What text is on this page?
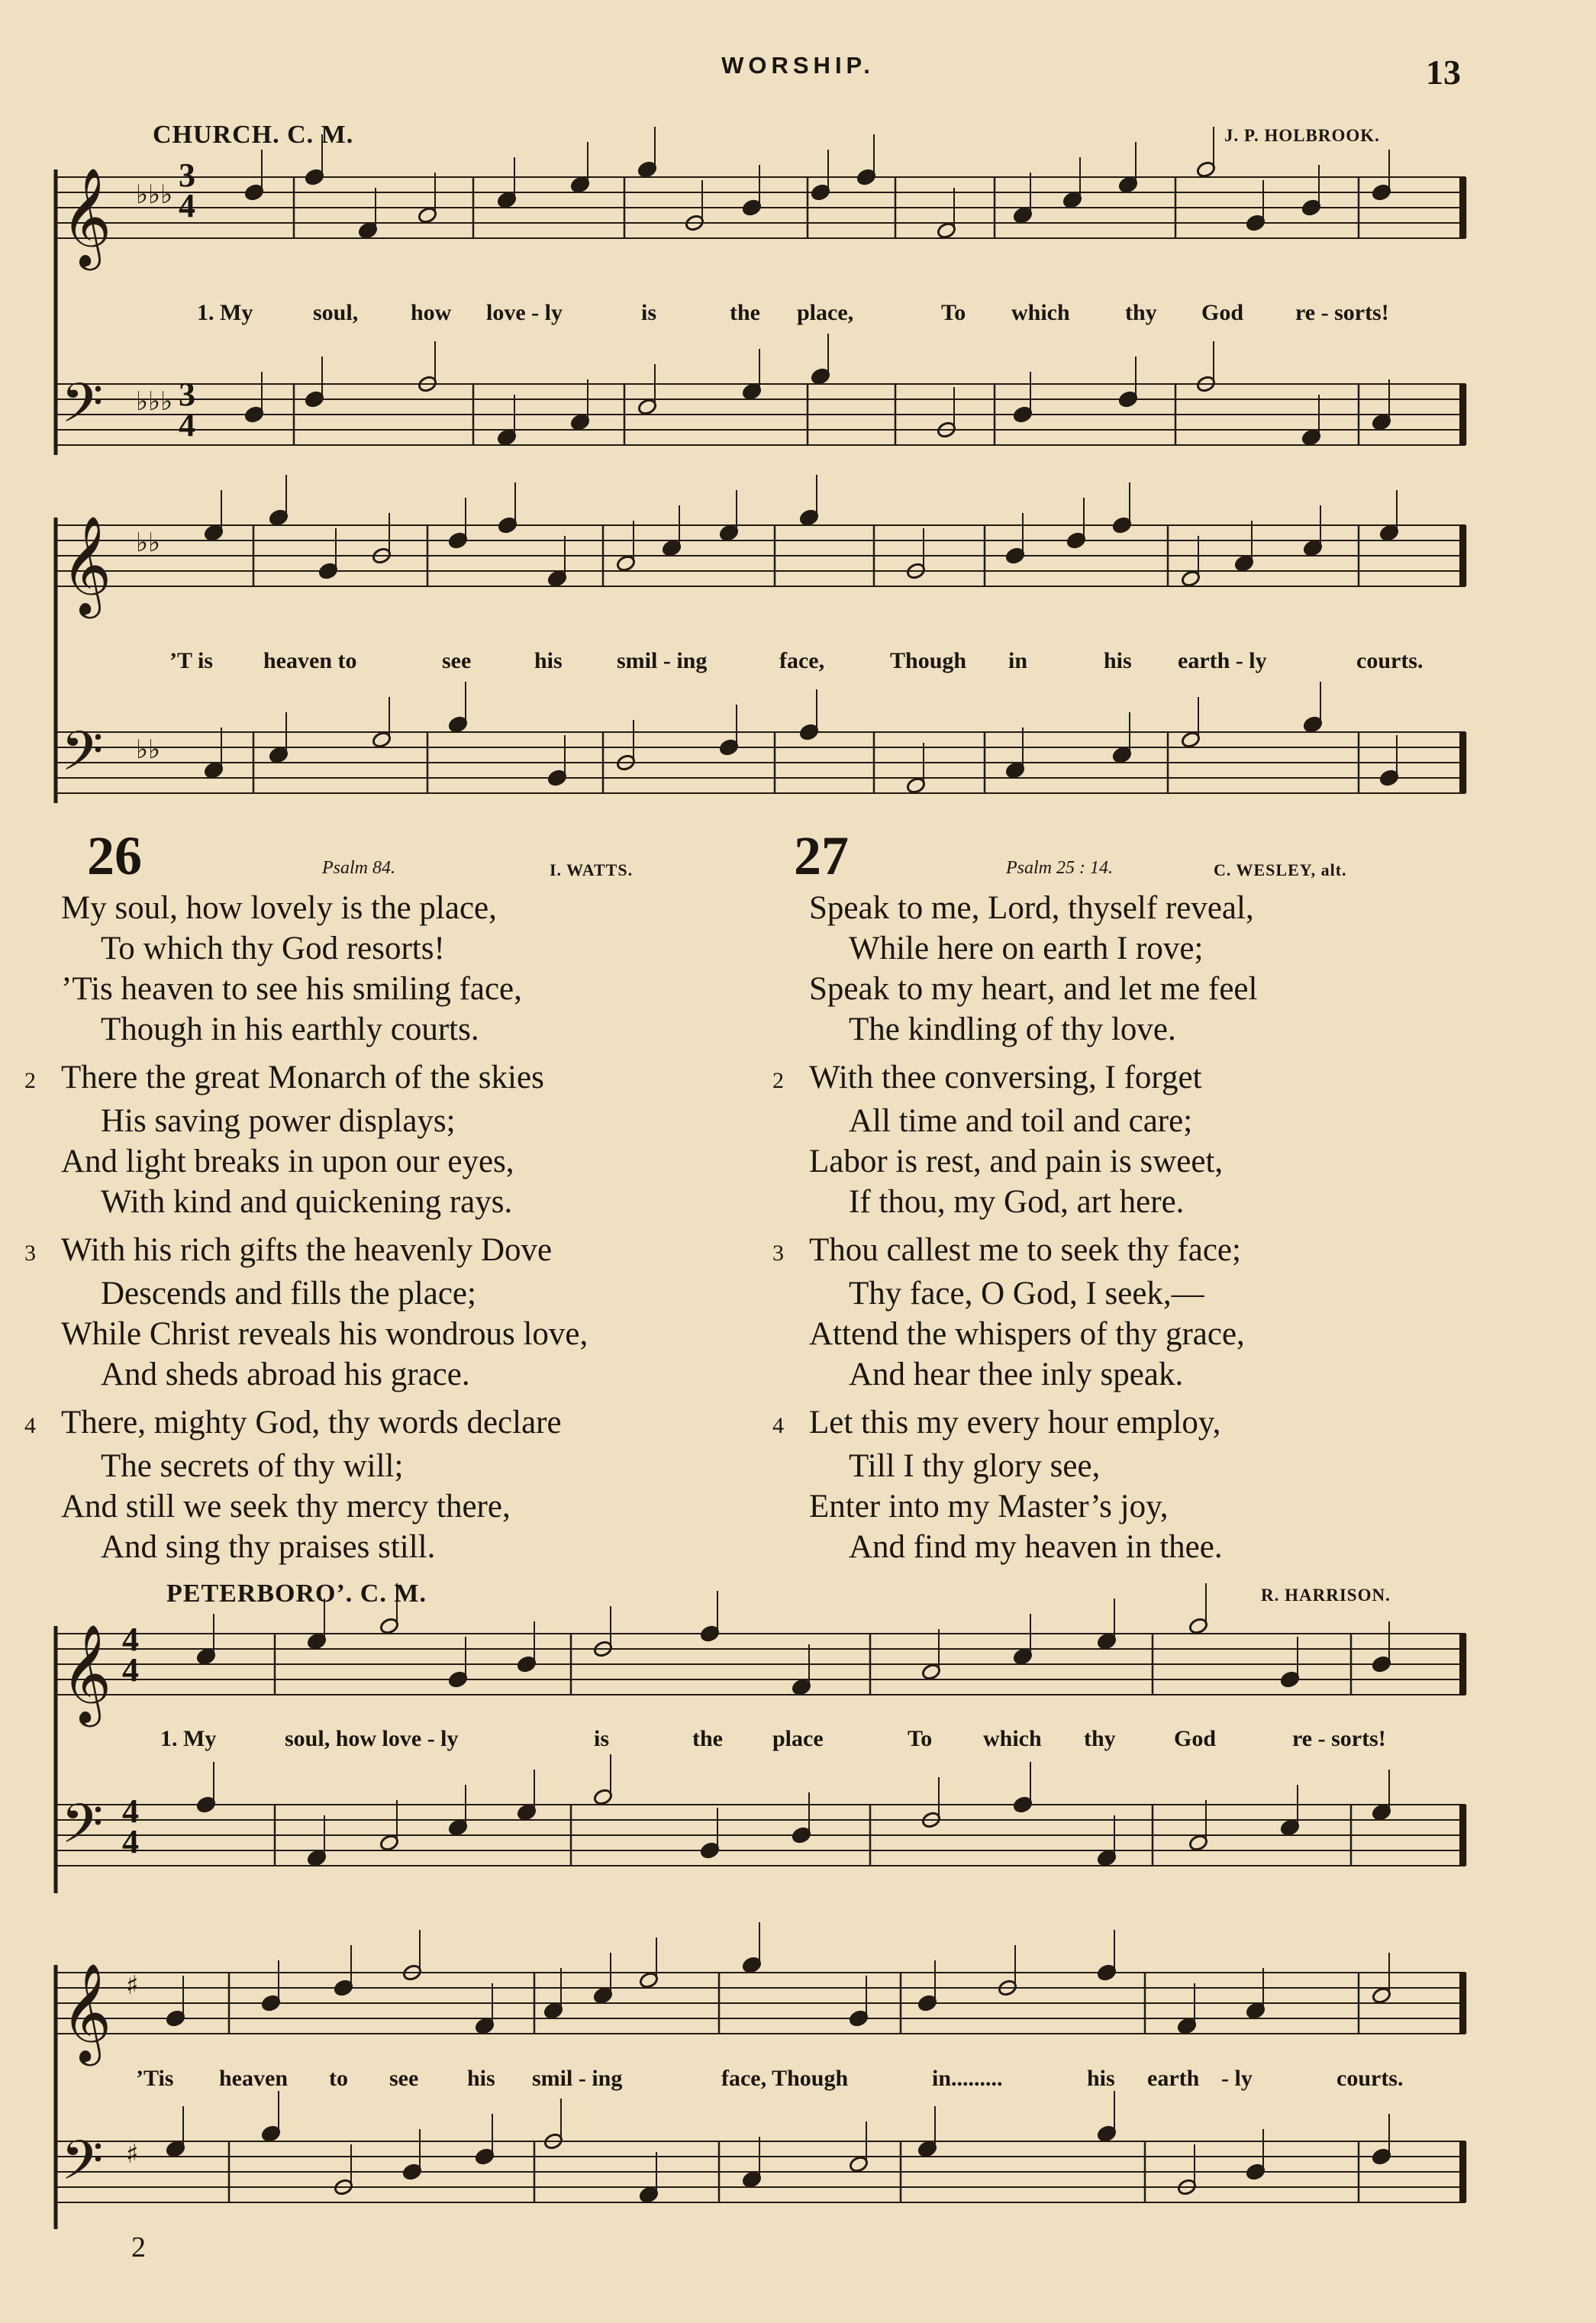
WORSHIP.	13
CHURCH. C. M.	J. P. HOLBROOK.
𝄞
𝄢
♭♭♭
♭♭♭
𝄞
𝄢
♭♭
♭♭
𝄞
𝄢
𝄞
𝄢
♯
♯
3
4
3
4
1. My	soul, how love - ly	is	the place,	To which thy God re - sorts!
’T is heaven to	see	his smil - ing	face,	Though in	his earth - ly	courts.
26	Psalm 84.	I. WATTS.
My soul, how lovely is the place,
To which thy God resorts!
’Tis heaven to see his smiling face,
Though in his earthly courts.
2 There the great Monarch of the skies
His saving power displays;
And light breaks in upon our eyes,
With kind and quickening rays.
3 With his rich gifts the heavenly Dove
Descends and fills the place;
While Christ reveals his wondrous love,
And sheds abroad his grace.
4 There, mighty God, thy words declare
The secrets of thy will;
And still we seek thy mercy there,
And sing thy praises still.
27	Psalm 25 : 14.	C. WESLEY, alt.
Speak to me, Lord, thyself reveal,
While here on earth I rove;
Speak to my heart, and let me feel
The kindling of thy love.
2 With thee conversing, I forget
All time and toil and care;
Labor is rest, and pain is sweet,
If thou, my God, art here.
3 Thou callest me to seek thy face;
Thy face, O God, I seek,—
Attend the whispers of thy grace,
And hear thee inly speak.
4 Let this my every hour employ,
Till I thy glory see,
Enter into my Master’s joy,
And find my heaven in thee.
PETERBORO’. C. M.	R. HARRISON.
4
4
4
4
1. My	soul, how love - ly	is	the place	To which thy	God	re - sorts!
’Tis heaven to see his smil - ing	face, Though	in.........	his earth - ly	courts.
2
